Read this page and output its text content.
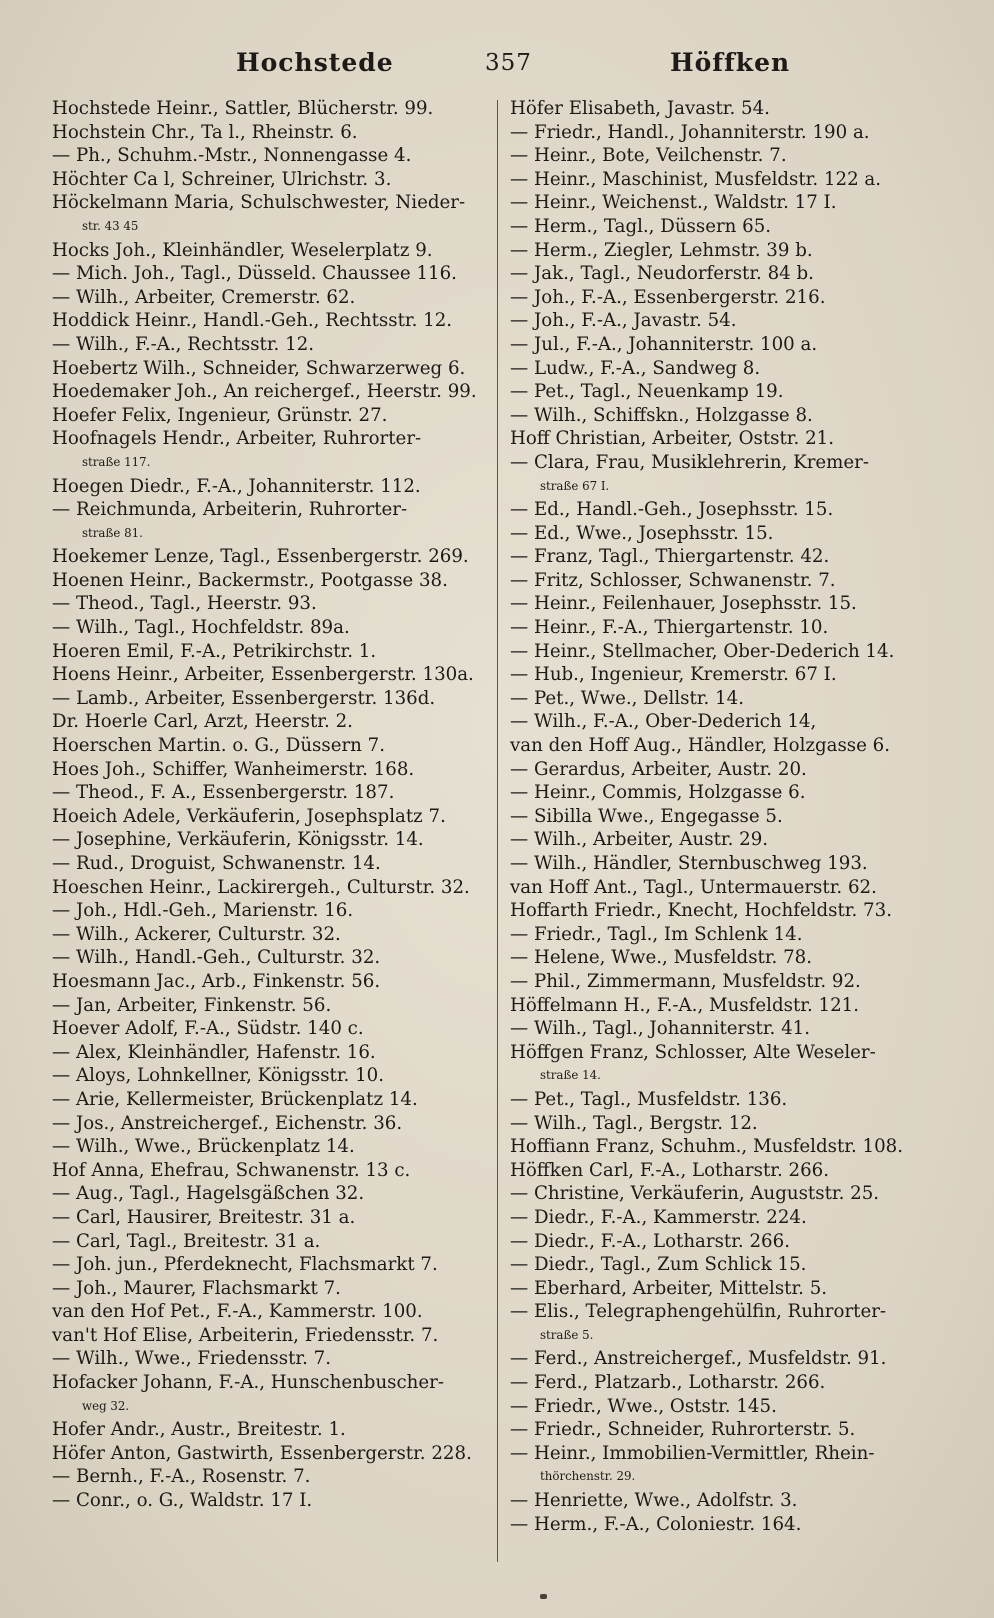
Hochstede	357	Höffken

Hochstede Heinr., Sattler, Blücherstr. 99.

Hochstein Chr., Ta l., Rheinstr. 6.

— Ph., Schuhm.-Mstr., Nonnengasse 4.

Höchter Ca l, Schreiner, Ulrichstr. 3.

Höckelmann Maria, Schulschwester, Nieder-

str. 43 45

Hocks Joh., Kleinhändler, Weselerplatz 9.

— Mich. Joh., Tagl., Düsseld. Chaussee 116.

— Wilh., Arbeiter, Cremerstr. 62.

Hoddick Heinr., Handl.-Geh., Rechtsstr. 12.

— Wilh., F.-A., Rechtsstr. 12.

Hoebertz Wilh., Schneider, Schwarzerweg 6.

Hoedemaker Joh., An reichergef., Heerstr. 99.

Hoefer Felix, Ingenieur, Grünstr. 27.

Hoofnagels Hendr., Arbeiter, Ruhrorter-

straße 117.

Hoegen Diedr., F.-A., Johanniterstr. 112.

— Reichmunda, Arbeiterin, Ruhrorter-

straße 81.

Hoekemer Lenze, Tagl., Essenbergerstr. 269.

Hoenen Heinr., Backermstr., Pootgasse 38.

— Theod., Tagl., Heerstr. 93.

— Wilh., Tagl., Hochfeldstr. 89a.

Hoeren Emil, F.-A., Petrikirchstr. 1.

Hoens Heinr., Arbeiter, Essenbergerstr. 130a.

— Lamb., Arbeiter, Essenbergerstr. 136d.

Dr. Hoerle Carl, Arzt, Heerstr. 2.

Hoerschen Martin. o. G., Düssern 7.

Hoes Joh., Schiffer, Wanheimerstr. 168.

— Theod., F. A., Essenbergerstr. 187.

Hoeich Adele, Verkäuferin, Josephsplatz 7.

— Josephine, Verkäuferin, Königsstr. 14.

— Rud., Droguist, Schwanenstr. 14.

Hoeschen Heinr., Lackirergeh., Culturstr. 32.

— Joh., Hdl.-Geh., Marienstr. 16.

— Wilh., Ackerer, Culturstr. 32.

— Wilh., Handl.-Geh., Culturstr. 32.

Hoesmann Jac., Arb., Finkenstr. 56.

— Jan, Arbeiter, Finkenstr. 56.

Hoever Adolf, F.-A., Südstr. 140 c.

— Alex, Kleinhändler, Hafenstr. 16.

— Aloys, Lohnkellner, Königsstr. 10.

— Arie, Kellermeister, Brückenplatz 14.

— Jos., Anstreichergef., Eichenstr. 36.

— Wilh., Wwe., Brückenplatz 14.

Hof Anna, Ehefrau, Schwanenstr. 13 c.

— Aug., Tagl., Hagelsgäßchen 32.

— Carl, Hausirer, Breitestr. 31 a.

— Carl, Tagl., Breitestr. 31 a.

— Joh. jun., Pferdeknecht, Flachsmarkt 7.

— Joh., Maurer, Flachsmarkt 7.

van den Hof Pet., F.-A., Kammerstr. 100.

van't Hof Elise, Arbeiterin, Friedensstr. 7.

— Wilh., Wwe., Friedensstr. 7.

Hofacker Johann, F.-A., Hunschenbuscher-

weg 32.

Hofer Andr., Austr., Breitestr. 1.

Höfer Anton, Gastwirth, Essenbergerstr. 228.

— Bernh., F.-A., Rosenstr. 7.

— Conr., o. G., Waldstr. 17 I.

Höfer Elisabeth, Javastr. 54.

— Friedr., Handl., Johanniterstr. 190 a.

— Heinr., Bote, Veilchenstr. 7.

— Heinr., Maschinist, Musfeldstr. 122 a.

— Heinr., Weichenst., Waldstr. 17 I.

— Herm., Tagl., Düssern 65.

— Herm., Ziegler, Lehmstr. 39 b.

— Jak., Tagl., Neudorferstr. 84 b.

— Joh., F.-A., Essenbergerstr. 216.

— Joh., F.-A., Javastr. 54.

— Jul., F.-A., Johanniterstr. 100 a.

— Ludw., F.-A., Sandweg 8.

— Pet., Tagl., Neuenkamp 19.

— Wilh., Schiffskn., Holzgasse 8.

Hoff Christian, Arbeiter, Oststr. 21.

— Clara, Frau, Musiklehrerin, Kremer-

straße 67 I.

— Ed., Handl.-Geh., Josephsstr. 15.

— Ed., Wwe., Josephsstr. 15.

— Franz, Tagl., Thiergartenstr. 42.

— Fritz, Schlosser, Schwanenstr. 7.

— Heinr., Feilenhauer, Josephsstr. 15.

— Heinr., F.-A., Thiergartenstr. 10.

— Heinr., Stellmacher, Ober-Dederich 14.

— Hub., Ingenieur, Kremerstr. 67 I.

— Pet., Wwe., Dellstr. 14.

— Wilh., F.-A., Ober-Dederich 14,

van den Hoff Aug., Händler, Holzgasse 6.

— Gerardus, Arbeiter, Austr. 20.

— Heinr., Commis, Holzgasse 6.

— Sibilla Wwe., Engegasse 5.

— Wilh., Arbeiter, Austr. 29.

— Wilh., Händler, Sternbuschweg 193.

van Hoff Ant., Tagl., Untermauerstr. 62.

Hoffarth Friedr., Knecht, Hochfeldstr. 73.

— Friedr., Tagl., Im Schlenk 14.

— Helene, Wwe., Musfeldstr. 78.

— Phil., Zimmermann, Musfeldstr. 92.

Höffelmann H., F.-A., Musfeldstr. 121.

— Wilh., Tagl., Johanniterstr. 41.

Höffgen Franz, Schlosser, Alte Weseler-

straße 14.

— Pet., Tagl., Musfeldstr. 136.

— Wilh., Tagl., Bergstr. 12.

Hoffiann Franz, Schuhm., Musfeldstr. 108.

Höffken Carl, F.-A., Lotharstr. 266.

— Christine, Verkäuferin, Auguststr. 25.

— Diedr., F.-A., Kammerstr. 224.

— Diedr., F.-A., Lotharstr. 266.

— Diedr., Tagl., Zum Schlick 15.

— Eberhard, Arbeiter, Mittelstr. 5.

— Elis., Telegraphengehülfin, Ruhrorter-

straße 5.

— Ferd., Anstreichergef., Musfeldstr. 91.

— Ferd., Platzarb., Lotharstr. 266.

— Friedr., Wwe., Oststr. 145.

— Friedr., Schneider, Ruhrorterstr. 5.

— Heinr., Immobilien-Vermittler, Rhein-

thörchenstr. 29.

— Henriette, Wwe., Adolfstr. 3.

— Herm., F.-A., Coloniestr. 164.
